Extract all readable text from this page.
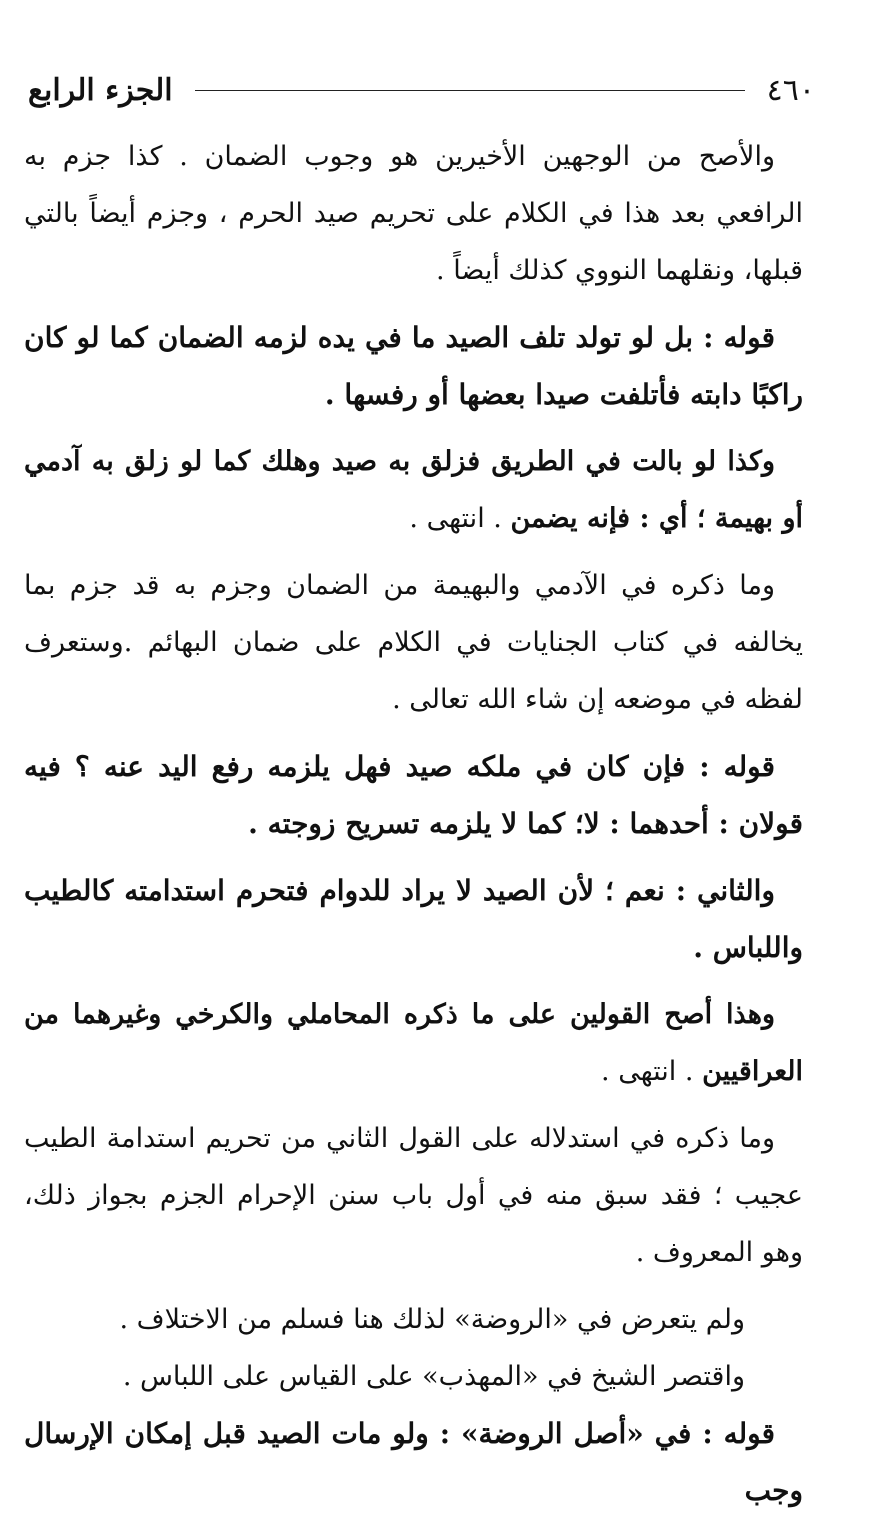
٤٦٠
الجزء الرابع

والأصح من الوجهين الأخيرين هو وجوب الضمان . كذا جزم به الرافعي بعد هذا في الكلام على تحريم صيد الحرم ، وجزم أيضاً بالتي قبلها، ونقلهما النووي كذلك أيضاً .

قوله : بل لو تولد تلف الصيد ما في يده لزمه الضمان كما لو كان راكبًا دابته فأتلفت صيدا بعضها أو رفسها .

وكذا لو بالت في الطريق فزلق به صيد وهلك كما لو زلق به آدمي أو بهيمة ؛ أي : فإنه يضمن . انتهى .

وما ذكره في الآدمي والبهيمة من الضمان وجزم به قد جزم بما يخالفه في كتاب الجنايات في الكلام على ضمان البهائم .وستعرف لفظه في موضعه إن شاء الله تعالى .

قوله : فإن كان في ملكه صيد فهل يلزمه رفع اليد عنه ؟ فيه قولان : أحدهما : لا؛ كما لا يلزمه تسريح زوجته .

والثاني : نعم ؛ لأن الصيد لا يراد للدوام فتحرم استدامته كالطيب واللباس .

وهذا أصح القولين على ما ذكره المحاملي والكرخي وغيرهما من العراقيين . انتهى .

وما ذكره في استدلاله على القول الثاني من تحريم استدامة الطيب عجيب ؛ فقد سبق منه في أول باب سنن الإحرام الجزم بجواز ذلك، وهو المعروف .

ولم يتعرض في «الروضة» لذلك هنا فسلم من الاختلاف .

واقتصر الشيخ في «المهذب» على القياس على اللباس .

قوله : في «أصل الروضة» : ولو مات الصيد قبل إمكان الإرسال وجب
